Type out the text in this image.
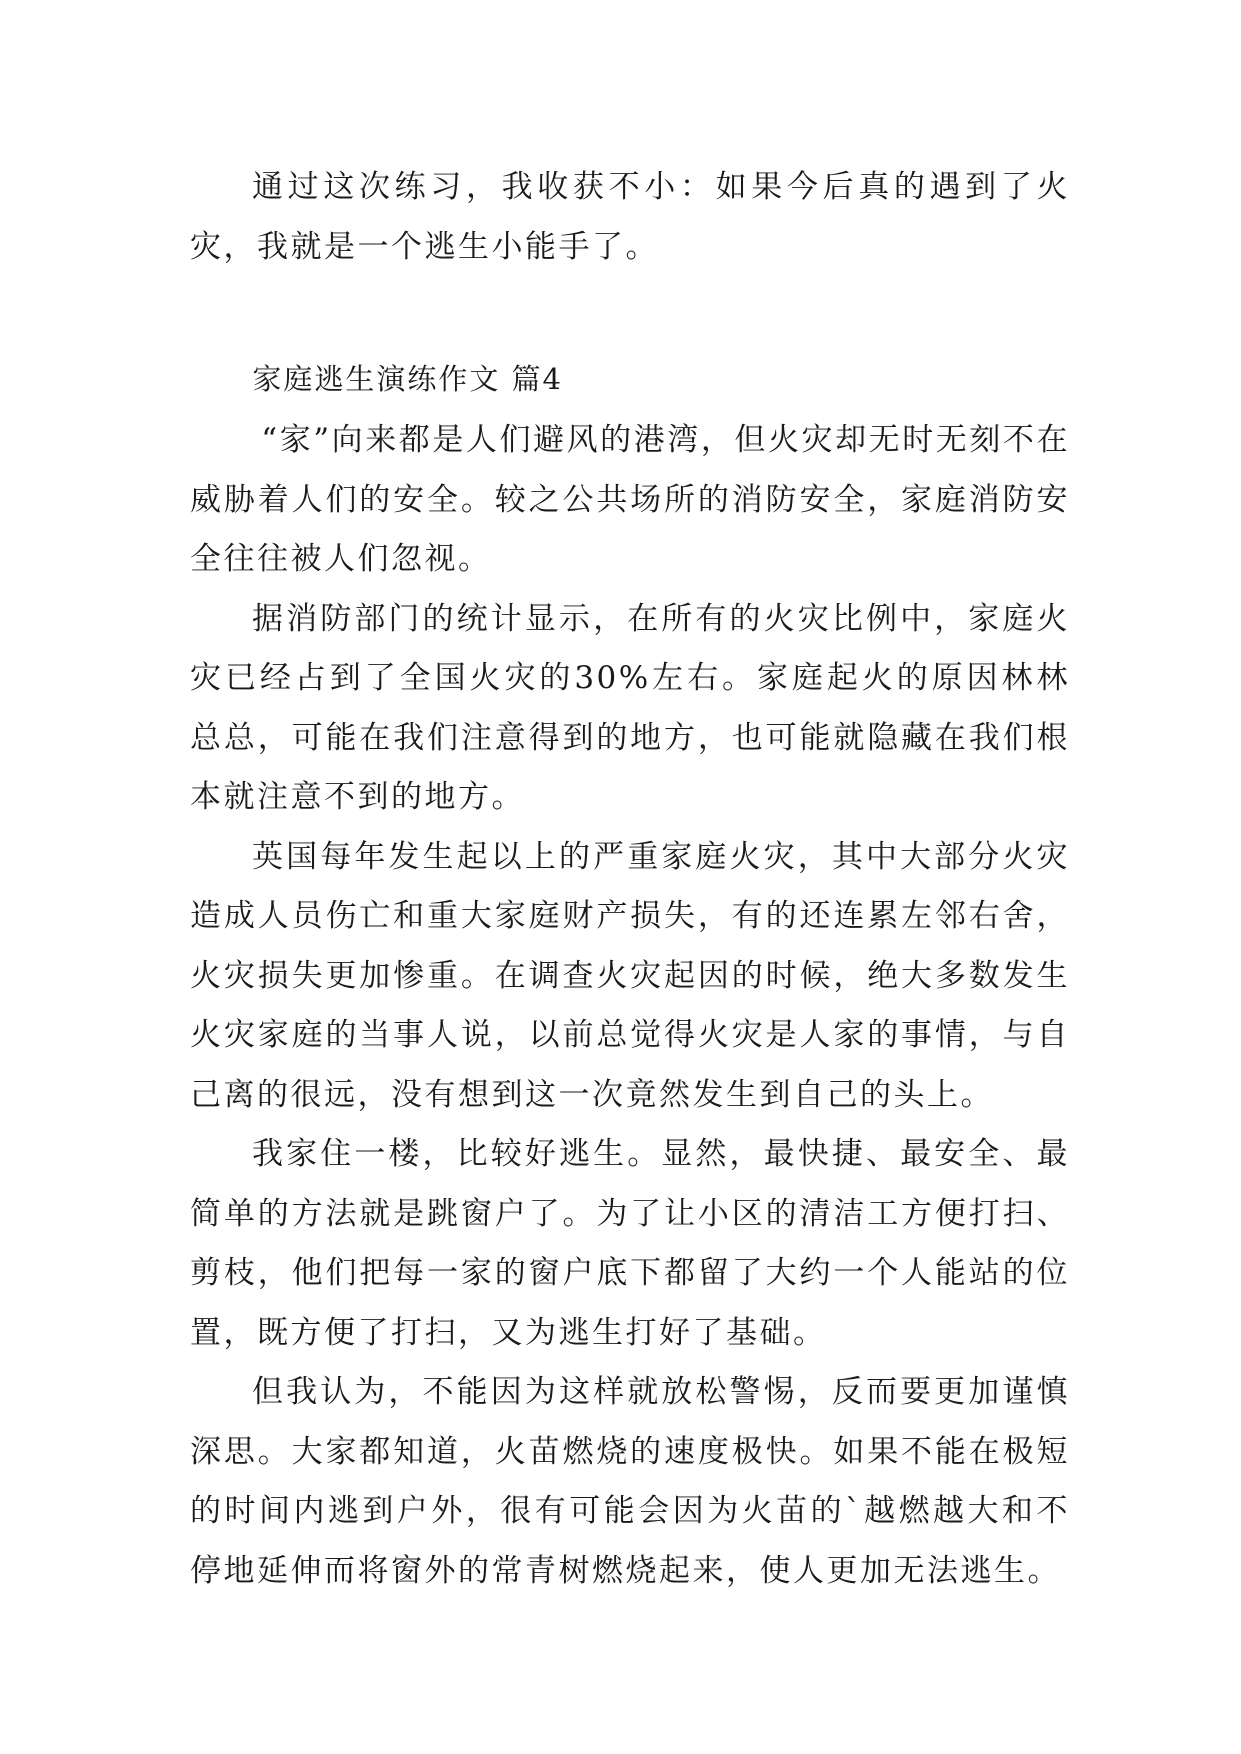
通过这次练习，我收获不小：如果今后真的遇到了火灾，我就是一个逃生小能手了。

家庭逃生演练作文 篇4

“家”向来都是人们避风的港湾，但火灾却无时无刻不在威胁着人们的安全。较之公共场所的消防安全，家庭消防安全往往被人们忽视。

据消防部门的统计显示，在所有的火灾比例中，家庭火灾已经占到了全国火灾的30%左右。家庭起火的原因林林总总，可能在我们注意得到的地方，也可能就隐藏在我们根本就注意不到的地方。

英国每年发生起以上的严重家庭火灾，其中大部分火灾造成人员伤亡和重大家庭财产损失，有的还连累左邻右舍，火灾损失更加惨重。在调查火灾起因的时候，绝大多数发生火灾家庭的当事人说，以前总觉得火灾是人家的事情，与自己离的很远，没有想到这一次竟然发生到自己的头上。

我家住一楼，比较好逃生。显然，最快捷、最安全、最简单的方法就是跳窗户了。为了让小区的清洁工方便打扫、剪枝，他们把每一家的窗户底下都留了大约一个人能站的位置，既方便了打扫，又为逃生打好了基础。

但我认为，不能因为这样就放松警惕，反而要更加谨慎深思。大家都知道，火苗燃烧的速度极快。如果不能在极短的时间内逃到户外，很有可能会因为火苗的`越燃越大和不停地延伸而将窗外的常青树燃烧起来，使人更加无法逃生。
